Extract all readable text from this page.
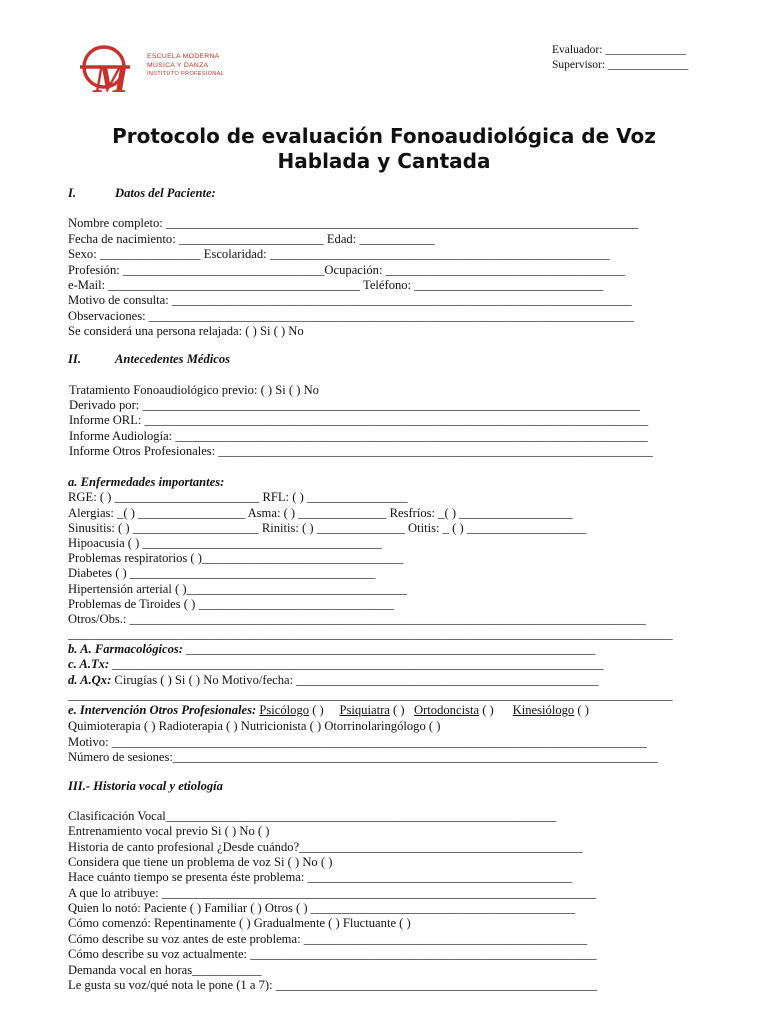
M	ESCUELA MODERNA
MÚSICA Y DANZA
INSTITUTO PROFESIONAL
Evaluador: ______________
Supervisor: ______________
Protocolo de evaluación Fonoaudiológica de Voz
Hablada y Cantada
I.	Datos del Paciente:
Nombre completo: ___________________________________________________________________________
Fecha de nacimiento: _______________________ Edad: ____________
Sexo: ________________ Escolaridad: ______________________________________________________
Profesión: ________________________________Ocupación: ______________________________________
e-Mail: ________________________________________ Teléfono: ______________________________
Motivo de consulta: _________________________________________________________________________
Observaciones: _____________________________________________________________________________
Se considerá una persona relajada: ( ) Si ( ) No
II.	Antecedentes Médicos
Tratamiento Fonoaudiológico previo: ( ) Si ( ) No
Derivado por: _______________________________________________________________________________
Informe ORL: ________________________________________________________________________________
Informe Audiología: ___________________________________________________________________________
Informe Otros Profesionales: _____________________________________________________________________
a. Enfermedades importantes:
RGE: ( ) _______________________ RFL: ( ) ________________
Alergias: _( ) _________________ Asma: ( ) ______________ Resfríos: _( ) __________________
Sinusitis: ( ) ____________________ Rinitis: ( ) ______________ Otitis: _ ( ) ___________________
Hipoacusia ( ) ______________________________________
Problemas respiratorios ( )________________________________
Diabetes ( ) _______________________________________
Hipertensión arterial ( )___________________________________
Problemas de Tiroides ( ) _______________________________
Otros/Obs.: __________________________________________________________________________________
________________________________________________________________________________________________
b. A. Farmacológicos: _________________________________________________________________
c. A.Tx: ______________________________________________________________________________
d. A.Qx: Cirugías ( ) Si ( ) No Motivo/fecha: ________________________________________________
________________________________________________________________________________________________
e. Intervención Otros Profesionales: Psicólogo ( ) Psiquiatra ( ) Ortodoncista ( ) Kinesiólogo ( )
Quimioterapia ( ) Radioterapia ( ) Nutricionista ( ) Otorrinolaringólogo ( )
Motivo: _____________________________________________________________________________________
Número de sesiones:_____________________________________________________________________________
III.- Historia vocal y etiología
Clasificación Vocal______________________________________________________________
Entrenamiento vocal previo Si ( ) No ( )
Historia de canto profesional ¿Desde cuándo?_____________________________________________
Considera que tiene un problema de voz Si ( ) No ( )
Hace cuánto tiempo se presenta éste problema: __________________________________________
A que lo atribuye: _____________________________________________________________________
Quien lo notó: Paciente ( ) Familiar ( ) Otros ( ) __________________________________________
Cómo comenzó: Repentinamente ( ) Gradualmente ( ) Fluctuante ( )
Cómo describe su voz antes de este problema: _____________________________________________
Cómo describe su voz actualmente: _______________________________________________________
Demanda vocal en horas___________
Le gusta su voz/qué nota le pone (1 a 7): ___________________________________________________
